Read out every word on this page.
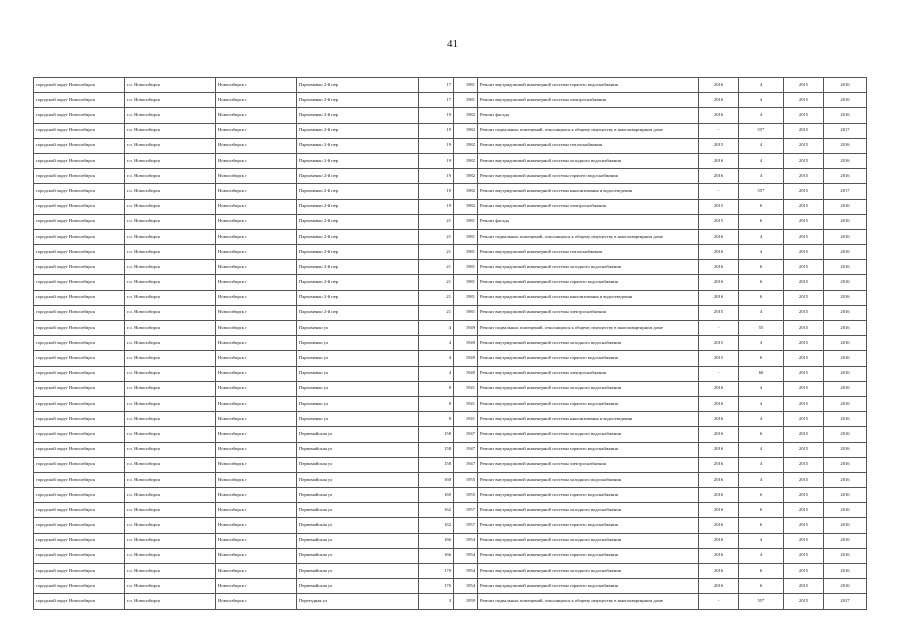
41
городской округ Новосибирск	г.о. Новосибирск	Новосибирск г	Пархоменко 2-й пер	17	1981	Ремонт внутридомовой инженерной системы горячего водоснабжения	2016	4	2015	2016
городской округ Новосибирск	г.о. Новосибирск	Новосибирск г	Пархоменко 2-й пер	17	1981	Ремонт внутридомовой инженерной системы электроснабжения	2016	4	2015	2016
городской округ Новосибирск	г.о. Новосибирск	Новосибирск г	Пархоменко 2-й пер	19	1982	Ремонт фасада	2016	4	2015	2016
городской округ Новосибирск	г.о. Новосибирск	Новосибирск г	Пархоменко 2-й пер	19	1982	Ремонт подвальных помещений, относящихся к общему имуществу в многоквартирном доме	-	55*	2015	2017
городской округ Новосибирск	г.о. Новосибирск	Новосибирск г	Пархоменко 2-й пер	19	1982	Ремонт внутридомовой инженерной системы теплоснабжения	2015	4	2015	2016
городской округ Новосибирск	г.о. Новосибирск	Новосибирск г	Пархоменко 2-й пер	19	1982	Ремонт внутридомовой инженерной системы холодного водоснабжения	2016	4	2015	2016
городской округ Новосибирск	г.о. Новосибирск	Новосибирск г	Пархоменко 2-й пер	19	1982	Ремонт внутридомовой инженерной системы горячего водоснабжения	2016	4	2015	2016
городской округ Новосибирск	г.о. Новосибирск	Новосибирск г	Пархоменко 2-й пер	19	1982	Ремонт внутридомовой инженерной системы канализования и водоотведения	-	55*	2015	2017
городской округ Новосибирск	г.о. Новосибирск	Новосибирск г	Пархоменко 2-й пер	19	1982	Ремонт внутридомовой инженерной системы электроснабжения	2015	6	2015	2016
городской округ Новосибирск	г.о. Новосибирск	Новосибирск г	Пархоменко 2-й пер	21	1981	Ремонт фасада	2015	6	2015	2016
городской округ Новосибирск	г.о. Новосибирск	Новосибирск г	Пархоменко 2-й пер	21	1981	Ремонт подвальных помещений, относящихся к общему имуществу в многоквартирном доме	2016	4	2015	2016
городской округ Новосибирск	г.о. Новосибирск	Новосибирск г	Пархоменко 2-й пер	21	1981	Ремонт внутридомовой инженерной системы теплоснабжения	2016	4	2015	2016
городской округ Новосибирск	г.о. Новосибирск	Новосибирск г	Пархоменко 2-й пер	21	1981	Ремонт внутридомовой инженерной системы холодного водоснабжения	2016	6	2015	2016
городской округ Новосибирск	г.о. Новосибирск	Новосибирск г	Пархоменко 2-й пер	21	1981	Ремонт внутридомовой инженерной системы горячего водоснабжения	2016	6	2015	2016
городской округ Новосибирск	г.о. Новосибирск	Новосибирск г	Пархоменко 2-й пер	21	1981	Ремонт внутридомовой инженерной системы канализования и водоотведения	2016	6	2015	2016
городской округ Новосибирск	г.о. Новосибирск	Новосибирск г	Пархоменко 2-й пер	21	1981	Ремонт внутридомовой инженерной системы электроснабжения	2015	4	2015	2016
городской округ Новосибирск	г.о. Новосибирск	Новосибирск г	Пархоменко ул	4	1949	Ремонт подвальных помещений, относящихся к общему имуществу в многоквартирном доме	-	55	2015	2016
городской округ Новосибирск	г.о. Новосибирск	Новосибирск г	Пархоменко ул	4	1949	Ремонт внутридомовой инженерной системы холодного водоснабжения	2015	4	2015	2016
городской округ Новосибирск	г.о. Новосибирск	Новосибирск г	Пархоменко ул	4	1949	Ремонт внутридомовой инженерной системы горячего водоснабжения	2015	6	2015	2016
городской округ Новосибирск	г.о. Новосибирск	Новосибирск г	Пархоменко ул	4	1949	Ремонт внутридомовой инженерной системы электроснабжения	-	60	2015	2016
городской округ Новосибирск	г.о. Новосибирск	Новосибирск г	Пархоменко ул	8	1941	Ремонт внутридомовой инженерной системы холодного водоснабжения	2016	4	2015	2016
городской округ Новосибирск	г.о. Новосибирск	Новосибирск г	Пархоменко ул	8	1941	Ремонт внутридомовой инженерной системы горячего водоснабжения	2016	4	2015	2016
городской округ Новосибирск	г.о. Новосибирск	Новосибирск г	Пархоменко ул	8	1941	Ремонт внутридомовой инженерной системы канализования и водоотведения	2016	4	2015	2016
городской округ Новосибирск	г.о. Новосибирск	Новосибирск г	Первомайская ул	158	1947	Ремонт внутридомовой инженерной системы холодного водоснабжения	2016	6	2015	2016
городской округ Новосибирск	г.о. Новосибирск	Новосибирск г	Первомайская ул	158	1947	Ремонт внутридомовой инженерной системы горячего водоснабжения	2016	4	2015	2016
городской округ Новосибирск	г.о. Новосибирск	Новосибирск г	Первомайская ул	158	1947	Ремонт внутридомовой инженерной системы электроснабжения	2016	4	2015	2016
городской округ Новосибирск	г.о. Новосибирск	Новосибирск г	Первомайская ул	160	1955	Ремонт внутридомовой инженерной системы холодного водоснабжения	2016	4	2015	2016
городской округ Новосибирск	г.о. Новосибирск	Новосибирск г	Первомайская ул	160	1955	Ремонт внутридомовой инженерной системы горячего водоснабжения	2016	6	2015	2016
городской округ Новосибирск	г.о. Новосибирск	Новосибирск г	Первомайская ул	162	1957	Ремонт внутридомовой инженерной системы холодного водоснабжения	2016	6	2015	2016
городской округ Новосибирск	г.о. Новосибирск	Новосибирск г	Первомайская ул	162	1957	Ремонт внутридомовой инженерной системы горячего водоснабжения	2016	6	2015	2016
городской округ Новосибирск	г.о. Новосибирск	Новосибирск г	Первомайская ул	166	1954	Ремонт внутридомовой инженерной системы холодного водоснабжения	2016	4	2015	2016
городской округ Новосибирск	г.о. Новосибирск	Новосибирск г	Первомайская ул	166	1954	Ремонт внутридомовой инженерной системы горячего водоснабжения	2016	4	2015	2016
городской округ Новосибирск	г.о. Новосибирск	Новосибирск г	Первомайская ул	170	1954	Ремонт внутридомовой инженерной системы холодного водоснабжения	2016	6	2015	2016
городской округ Новосибирск	г.о. Новосибирск	Новосибирск г	Первомайская ул	170	1954	Ремонт внутридомовой инженерной системы горячего водоснабжения	2016	6	2015	2016
городской округ Новосибирск	г.о. Новосибирск	Новосибирск г	Переездная ул	3	1959	Ремонт подвальных помещений, относящихся к общему имуществу в многоквартирном доме	-	55*	2015	2017
